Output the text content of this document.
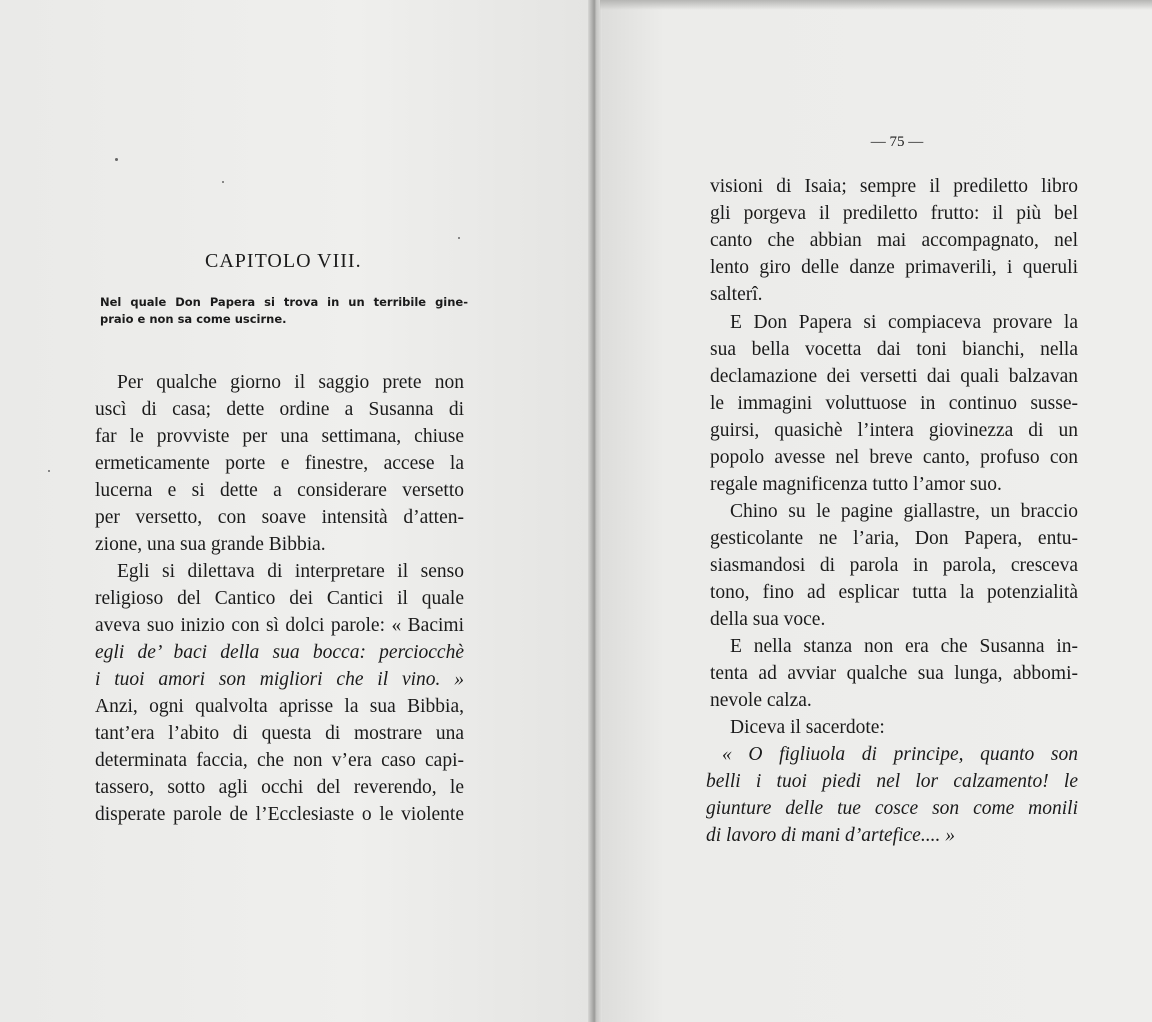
CAPITOLO VIII.
Nel quale Don Papera si trova in un terribile gine-
praio e non sa come uscirne.
Per qualche giorno il saggio prete non
uscì di casa; dette ordine a Susanna di
far le provviste per una settimana, chiuse
ermeticamente porte e finestre, accese la
lucerna e si dette a considerare versetto
per versetto, con soave intensità d’atten-
zione, una sua grande Bibbia.
Egli si dilettava di interpretare il senso
religioso del Cantico dei Cantici il quale
aveva suo inizio con sì dolci parole: « Bacimi
egli de’ baci della sua bocca: perciocchè
i tuoi amori son migliori che il vino. »
Anzi, ogni qualvolta aprisse la sua Bibbia,
tant’era l’abito di questa di mostrare una
determinata faccia, che non v’era caso capi-
tassero, sotto agli occhi del reverendo, le
disperate parole de l’Ecclesiaste o le violente
— 75 —
visioni di Isaia; sempre il prediletto libro
gli porgeva il prediletto frutto: il più bel
canto che abbian mai accompagnato, nel
lento giro delle danze primaverili, i queruli
salterî.
E Don Papera si compiaceva provare la
sua bella vocetta dai toni bianchi, nella
declamazione dei versetti dai quali balzavan
le immagini voluttuose in continuo susse-
guirsi, quasichè l’intera giovinezza di un
popolo avesse nel breve canto, profuso con
regale magnificenza tutto l’amor suo.
Chino su le pagine giallastre, un braccio
gesticolante ne l’aria, Don Papera, entu-
siasmandosi di parola in parola, cresceva
tono, fino ad esplicar tutta la potenzialità
della sua voce.
E nella stanza non era che Susanna in-
tenta ad avviar qualche sua lunga, abbomi-
nevole calza.
Diceva il sacerdote:
« O figliuola di principe, quanto son
belli i tuoi piedi nel lor calzamento! le
giunture delle tue cosce son come monili
di lavoro di mani d’artefice.... »
